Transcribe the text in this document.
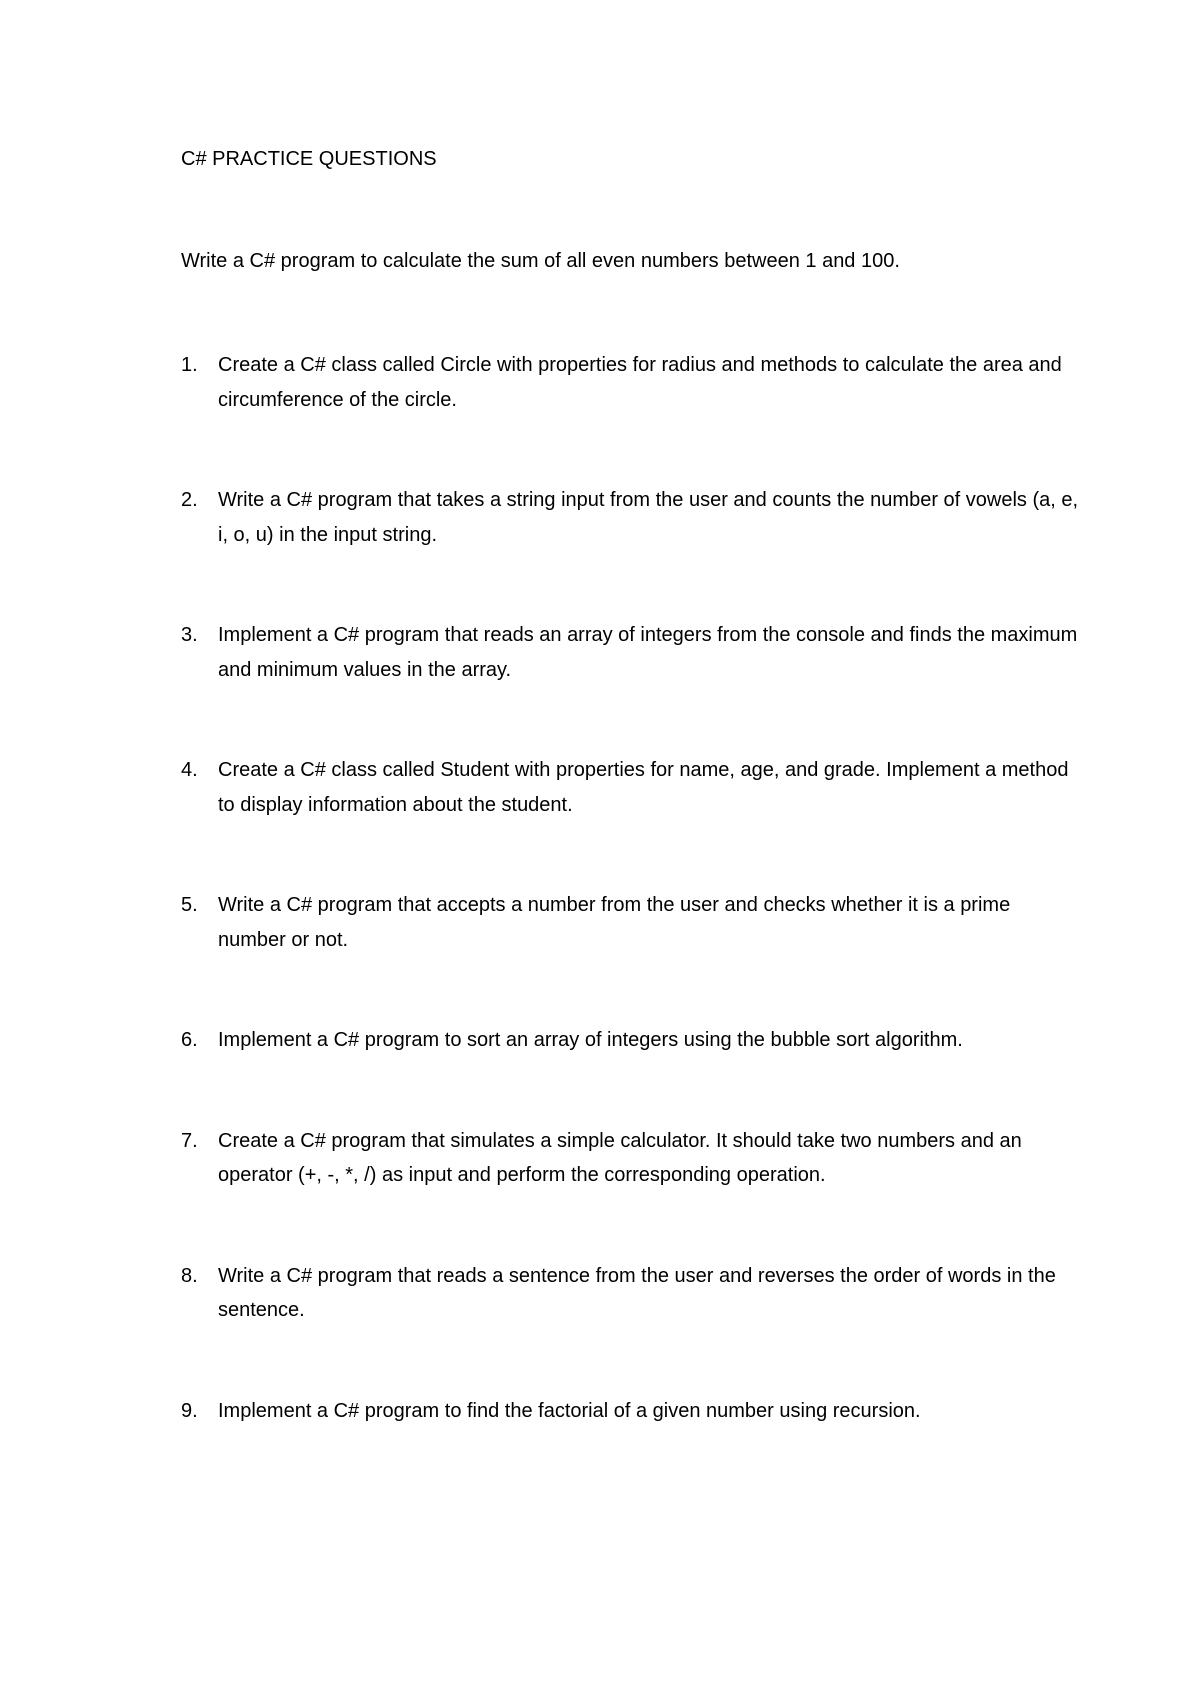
C# PRACTICE QUESTIONS

Write a C# program to calculate the sum of all even numbers between 1 and 100.

1. Create a C# class called Circle with properties for radius and methods to calculate the area and circumference of the circle.
2. Write a C# program that takes a string input from the user and counts the number of vowels (a, e, i, o, u) in the input string.
3. Implement a C# program that reads an array of integers from the console and finds the maximum and minimum values in the array.
4. Create a C# class called Student with properties for name, age, and grade. Implement a method to display information about the student.
5. Write a C# program that accepts a number from the user and checks whether it is a prime number or not.
6. Implement a C# program to sort an array of integers using the bubble sort algorithm.
7. Create a C# program that simulates a simple calculator. It should take two numbers and an operator (+, -, *, /) as input and perform the corresponding operation.
8. Write a C# program that reads a sentence from the user and reverses the order of words in the sentence.
9. Implement a C# program to find the factorial of a given number using recursion.
